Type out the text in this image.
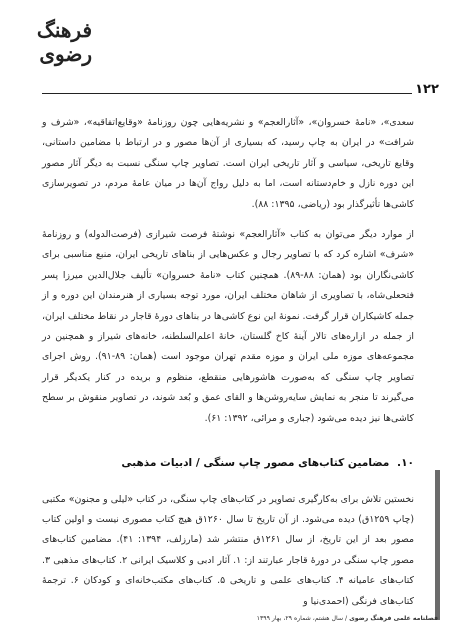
فرهنگ رضوی
۱۲۲

سعدی»، «نامهٔ خسروان»، «آثارالعجم» و نشریه‌هایی چون روزنامهٔ «وقایع‌اتفاقیه»، «شرف و شرافت» در ایران به چاپ رسید، که بسیاری از آن‌ها مصور و در ارتباط با مضامین داستانی، وقایع تاریخی، سیاسی و آثار تاریخی ایران است. تصاویر چاپ سنگی نسبت به دیگر آثار مصور این دوره نازل و خام‌دستانه است، اما به دلیل رواج آن‌ها در میان عامهٔ مردم، در تصویرسازی کاشی‌ها تأثیرگذار بود (ریاضی، ۱۳۹۵: ۸۸).

از موارد دیگر می‌توان به کتاب «آثارالعجم» نوشتهٔ فرصت شیرازی (فرصت‌الدوله) و روزنامهٔ «شرف» اشاره کرد که با تصاویر رجال و عکس‌هایی از بناهای تاریخی ایران، منبع مناسبی برای کاشی‌نگاران بود (همان: ۸۸-۸۹). همچنین کتاب «نامهٔ خسروان» تألیف جلال‌الدین میرزا پسر فتحعلی‌شاه، با تصاویری از شاهان مختلف ایران، مورد توجه بسیاری از هنرمندان این دوره و از جمله کاشیکاران قرار گرفت. نمونهٔ این نوع کاشی‌ها در بناهای دورهٔ قاجار در نقاط مختلف ایران، از جمله در ازاره‌های تالار آینهٔ کاخ گلستان، خانهٔ اعلم‌السلطنه، خانه‌های شیراز و همچنین در مجموعه‌های موزه ملی ایران و موزه مقدم تهران موجود است (همان: ۸۹-۹۱). روش اجرای تصاویر چاپ سنگی که به‌صورت هاشورهایی منقطع، منظوم و بریده در کنار یکدیگر قرار می‌گیرند تا منجر به نمایش سایه‌روشن‌ها و القای عمق و بُعد شوند، در تصاویر منقوش بر سطح کاشی‌ها نیز دیده می‌شود (جباری و مرائی، ۱۳۹۲: ۶۱).

۱۰. مضامین کتاب‌های مصور چاپ سنگی / ادبیات مذهبی

نخستین تلاش برای به‌کارگیری تصاویر در کتاب‌های چاپ سنگی، در کتاب «لیلی و مجنون» مکتبی (چاپ ۱۲۵۹ق) دیده می‌شود. از آن تاریخ تا سال ۱۲۶۰ق هیچ کتاب مصوری نیست و اولین کتاب مصور بعد از این تاریخ، از سال ۱۲۶۱ق منتشر شد (مارزلف، ۱۳۹۴: ۴۱). مضامین کتاب‌های مصور چاپ سنگی در دورهٔ قاجار عبارتند از: ۱. آثار ادبی و کلاسیک ایرانی ۲. کتاب‌های مذهبی ۳. کتاب‌های عامیانه ۴. کتاب‌های علمی و تاریخی ۵. کتاب‌های مکتب‌خانه‌ای و کودکان ۶. ترجمهٔ کتاب‌های فرنگی (احمدی‌نیا و

فصلنامه علمی فرهنگ رضوی / سال هشتم، شماره ۲۹، بهار ۱۳۹۹
